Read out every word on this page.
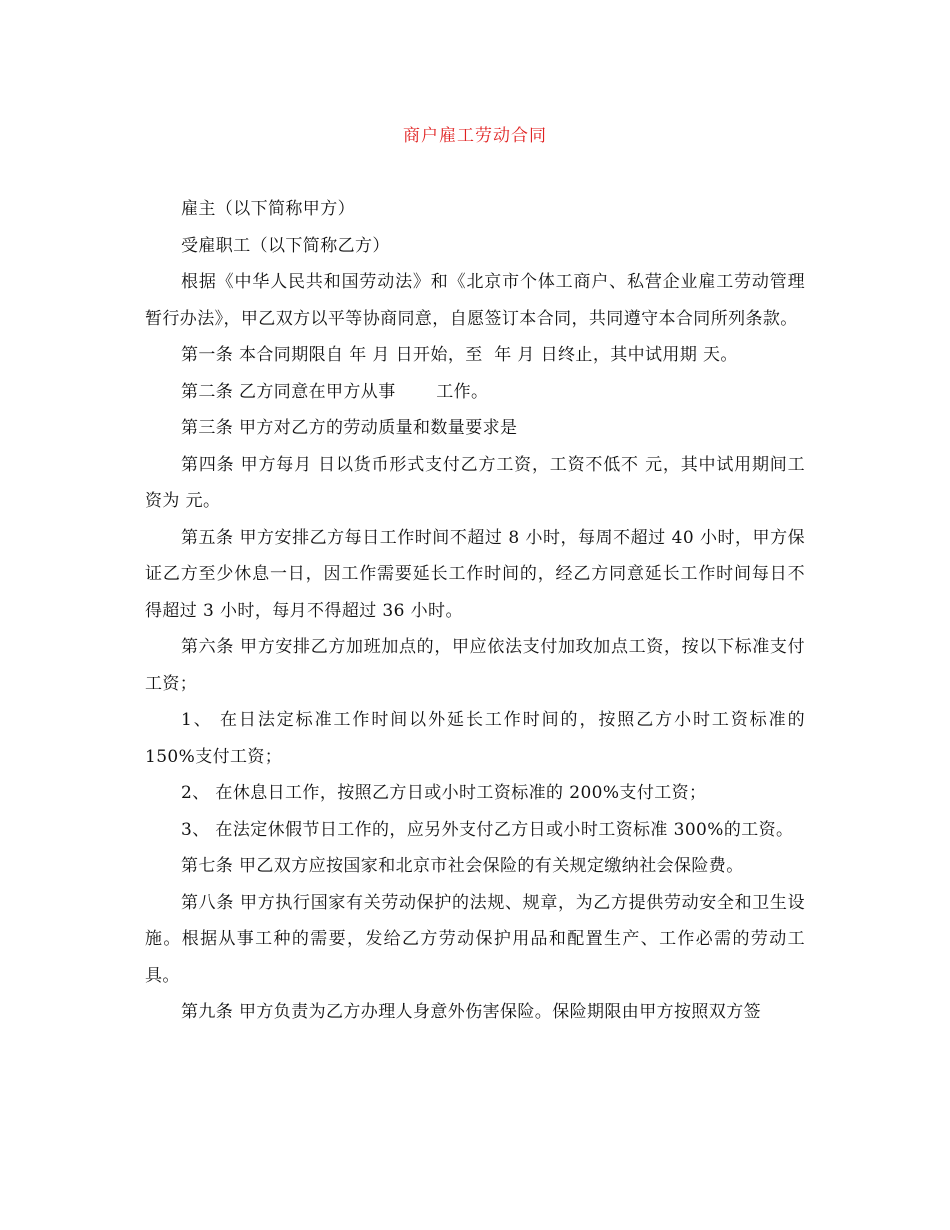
商户雇工劳动合同

雇主（以下简称甲方）

受雇职工（以下简称乙方）

根据《中华人民共和国劳动法》和《北京市个体工商户、私营企业雇工劳动管理暂行办法》，甲乙双方以平等协商同意，自愿签订本合同，共同遵守本合同所列条款。

第一条 本合同期限自 年 月 日开始，至  年 月 日终止，其中试用期 天。

第二条 乙方同意在甲方从事       工作。

第三条 甲方对乙方的劳动质量和数量要求是

第四条 甲方每月 日以货币形式支付乙方工资，工资不低不 元，其中试用期间工资为 元。

第五条 甲方安排乙方每日工作时间不超过 8 小时，每周不超过 40 小时，甲方保证乙方至少休息一日，因工作需要延长工作时间的，经乙方同意延长工作时间每日不得超过 3 小时，每月不得超过 36 小时。

第六条 甲方安排乙方加班加点的，甲应依法支付加玫加点工资，按以下标准支付工资；

1、 在日法定标准工作时间以外延长工作时间的，按照乙方小时工资标准的150%支付工资；

2、 在休息日工作，按照乙方日或小时工资标准的 200%支付工资；

3、 在法定休假节日工作的，应另外支付乙方日或小时工资标准 300%的工资。

第七条 甲乙双方应按国家和北京市社会保险的有关规定缴纳社会保险费。

第八条 甲方执行国家有关劳动保护的法规、规章，为乙方提供劳动安全和卫生设施。根据从事工种的需要，发给乙方劳动保护用品和配置生产、工作必需的劳动工具。

第九条 甲方负责为乙方办理人身意外伤害保险。保险期限由甲方按照双方签
